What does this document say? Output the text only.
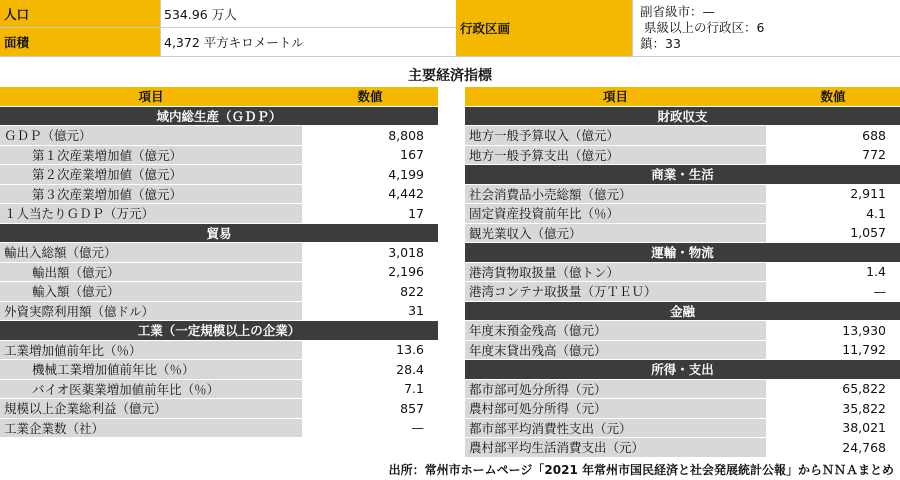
人口	534.96 万人
面積	4,372 平方キロメートル
行政区画
副省級市：—
県級以上の行政区：6
鎮：33
主要経済指標
項目	数値
域内総生産（ＧＤＰ）
ＧＤＰ（億元）	8,808
第１次産業増加値（億元）	167
第２次産業増加値（億元）	4,199
第３次産業増加値（億元）	4,442
１人当たりＧＤＰ（万元）	17
貿易
輸出入総額（億元）	3,018
輸出額（億元）	2,196
輸入額（億元）	822
外資実際利用額（億ドル）	31
工業（一定規模以上の企業）
工業増加値前年比（％）	13.6
機械工業増加値前年比（％）	28.4
バイオ医薬業増加値前年比（％）	7.1
規模以上企業総利益（億元）	857
工業企業数（社）	—
項目	数値
財政収支
地方一般予算収入（億元）	688
地方一般予算支出（億元）	772
商業・生活
社会消費品小売総額（億元）	2,911
固定資産投資前年比（％）	4.1
観光業収入（億元）	1,057
運輸・物流
港湾貨物取扱量（億トン）	1.4
港湾コンテナ取扱量（万ＴＥＵ）	—
金融
年度末預金残高（億元）	13,930
年度末貸出残高（億元）	11,792
所得・支出
都市部可処分所得（元）	65,822
農村部可処分所得（元）	35,822
都市部平均消費性支出（元）	38,021
農村部平均生活消費支出（元）	24,768
出所：常州市ホームページ「2021 年常州市国民経済と社会発展統計公報」からＮＮＡまとめ
